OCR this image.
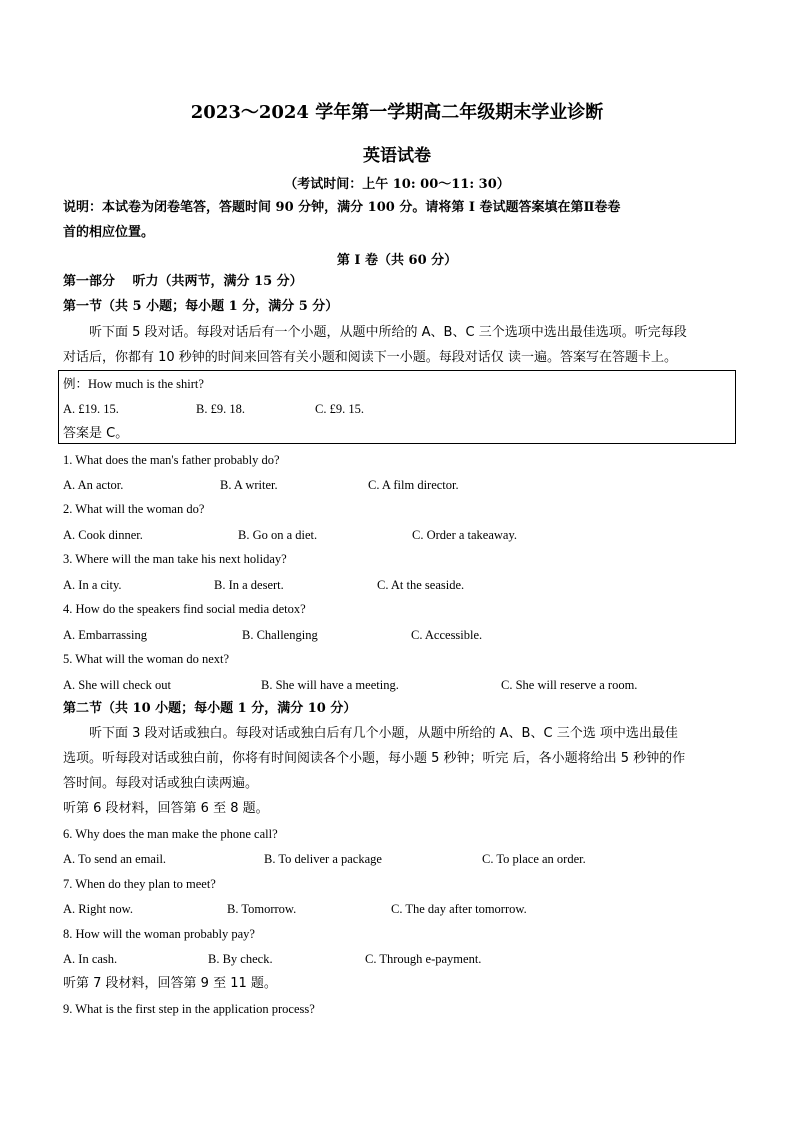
2023～2024 学年第一学期高二年级期末学业诊断
英语试卷
（考试时间：上午 10: 00～11: 30）
说明：本试卷为闭卷笔答，答题时间 90 分钟，满分 100 分。请将第 I 卷试题答案填在第Ⅱ卷卷
首的相应位置。
第 I 卷（共 60 分）
第一部分　 听力（共两节，满分 15 分）
第一节（共 5 小题；每小题 1 分，满分 5 分）
听下面 5 段对话。每段对话后有一个小题，从题中所给的 A、B、C 三个选项中选出最佳选项。听完每段
对话后，你都有 10 秒钟的时间来回答有关小题和阅读下一小题。每段对话仅 读一遍。答案写在答题卡上。
例：How much is the shirt?
A. £19. 15.	B. £9. 18.	C. £9. 15.
答案是 C。
1. What does the man's father probably do?
A. An actor.	B. A writer.	C. A film director.
2. What will the woman do?
A. Cook dinner.	B. Go on a diet.	C. Order a takeaway.
3. Where will the man take his next holiday?
A. In a city.	B. In a desert.	C. At the seaside.
4. How do the speakers find social media detox?
A. Embarrassing	B. Challenging	C. Accessible.
5. What will the woman do next?
A. She will check out	B. She will have a meeting.	C. She will reserve a room.
第二节（共 10 小题；每小题 1 分，满分 10 分）
听下面 3 段对话或独白。每段对话或独白后有几个小题，从题中所给的 A、B、C 三个选 项中选出最佳
选项。听每段对话或独白前，你将有时间阅读各个小题，每小题 5 秒钟；听完 后，各小题将给出 5 秒钟的作
答时间。每段对话或独白读两遍。
听第 6 段材料，回答第 6 至 8 题。
6. Why does the man make the phone call?
A. To send an email.	B. To deliver a package	C. To place an order.
7. When do they plan to meet?
A. Right now.	B. Tomorrow.	C. The day after tomorrow.
8. How will the woman probably pay?
A. In cash.	B. By check.	C. Through e-payment.
听第 7 段材料，回答第 9 至 11 题。
9. What is the first step in the application process?
